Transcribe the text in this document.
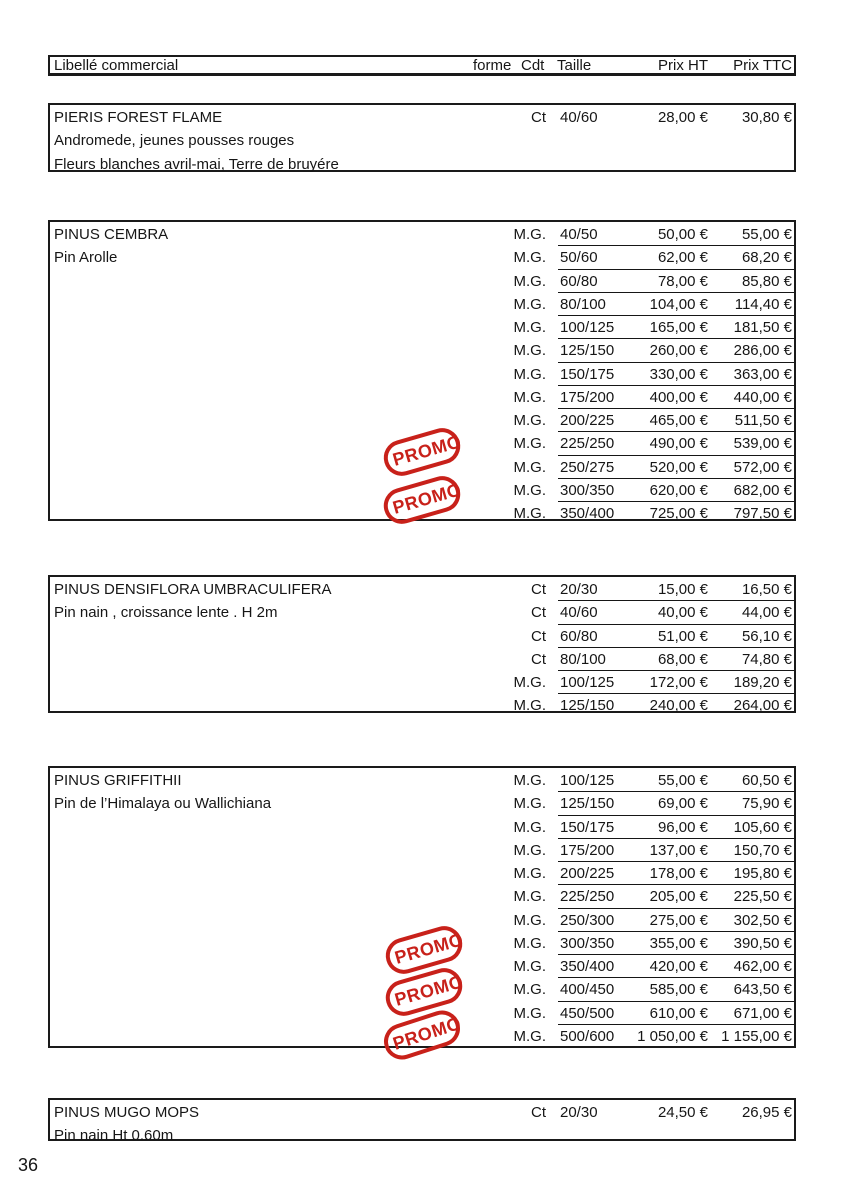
Libellé commercial	forme Cdt Taille	Prix HT Prix TTC
PIERIS FOREST FLAME
Andromede, jeunes pousses rouges
Fleurs blanches avril-mai, Terre de bruyére
Ct 40/60	28,00 € 30,80 €
PINUS CEMBRA
Pin Arolle
M.G. 40/50	50,00 € 55,00 €
M.G. 50/60	62,00 € 68,20 €
M.G. 60/80	78,00 € 85,80 €
M.G. 80/100	104,00 € 114,40 €
M.G. 100/125 165,00 € 181,50 €
M.G. 125/150 260,00 € 286,00 €
M.G. 150/175 330,00 € 363,00 €
M.G. 175/200 400,00 € 440,00 €
M.G. 200/225 465,00 € 511,50 €
M.G. 225/250 490,00 € 539,00 €
M.G. 250/275 520,00 € 572,00 €
M.G. 300/350 620,00 € 682,00 €
M.G. 350/400 725,00 € 797,50 €
PINUS DENSIFLORA UMBRACULIFERA
Pin nain , croissance lente . H 2m
Ct 20/30	15,00 € 16,50 €
Ct 40/60	40,00 € 44,00 €
Ct 60/80	51,00 € 56,10 €
Ct 80/100	68,00 € 74,80 €
M.G. 100/125 172,00 € 189,20 €
M.G. 125/150 240,00 € 264,00 €
PINUS GRIFFITHII
Pin de l’Himalaya ou Wallichiana
M.G. 100/125	55,00 € 60,50 €
M.G. 125/150	69,00 € 75,90 €
M.G. 150/175	96,00 € 105,60 €
M.G. 175/200 137,00 € 150,70 €
M.G. 200/225 178,00 € 195,80 €
M.G. 225/250 205,00 € 225,50 €
M.G. 250/300 275,00 € 302,50 €
M.G. 300/350 355,00 € 390,50 €
M.G. 350/400 420,00 € 462,00 €
M.G. 400/450 585,00 € 643,50 €
M.G. 450/500 610,00 € 671,00 €
M.G. 500/600 1 050,00 € 1 155,00 €
PINUS MUGO MOPS
Pin nain Ht 0.60m
Ct 20/30	24,50 € 26,95 €
PROMO
PROMO
PROMO
PROMO
PROMO
36
